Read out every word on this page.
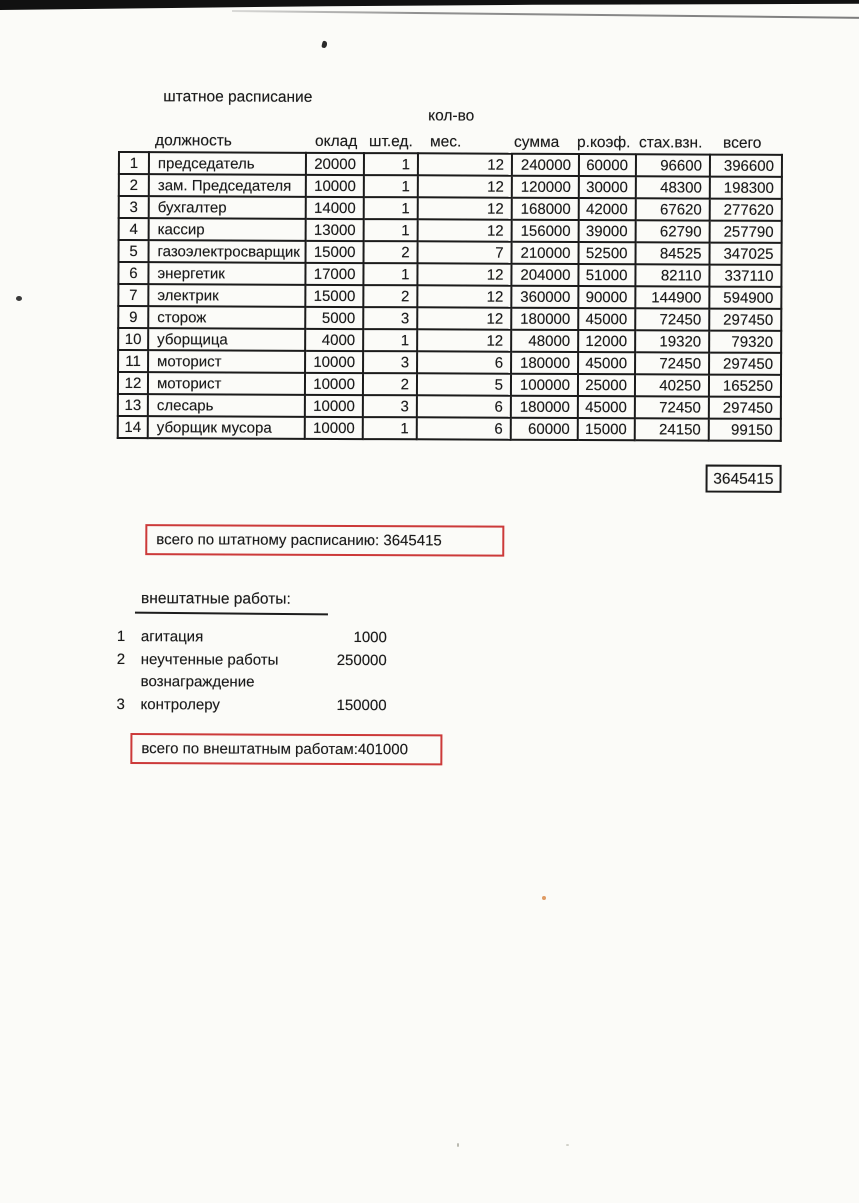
штатное расписание
должность	оклад шт.ед.
кол-во
мес.	сумма р.коэф. стах.взн. всего
1	председатель	20000	1	12	240000	60000	96600	396600
2	зам. Председателя	10000	1	12	120000	30000	48300	198300
3	бухгалтер	14000	1	12	168000	42000	67620	277620
4	кассир	13000	1	12	156000	39000	62790	257790
5	газоэлектросварщик	15000	2	7	210000	52500	84525	347025
6	энергетик	17000	1	12	204000	51000	82110	337110
7	электрик	15000	2	12	360000	90000	144900	594900
9	сторож	5000	3	12	180000	45000	72450	297450
10	уборщица	4000	1	12	48000	12000	19320	79320
11	моторист	10000	3	6	180000	45000	72450	297450
12	моторист	10000	2	5	100000	25000	40250	165250
13	слесарь	10000	3	6	180000	45000	72450	297450
14	уборщик мусора	10000	1	6	60000	15000	24150	99150
3645415
всего по штатному расписанию: 3645415
внештатные работы:
1	агитация	1000
2	неучтенные работы	250000
вознаграждение
3	контролеру	150000
всего по внештатным работам:401000
